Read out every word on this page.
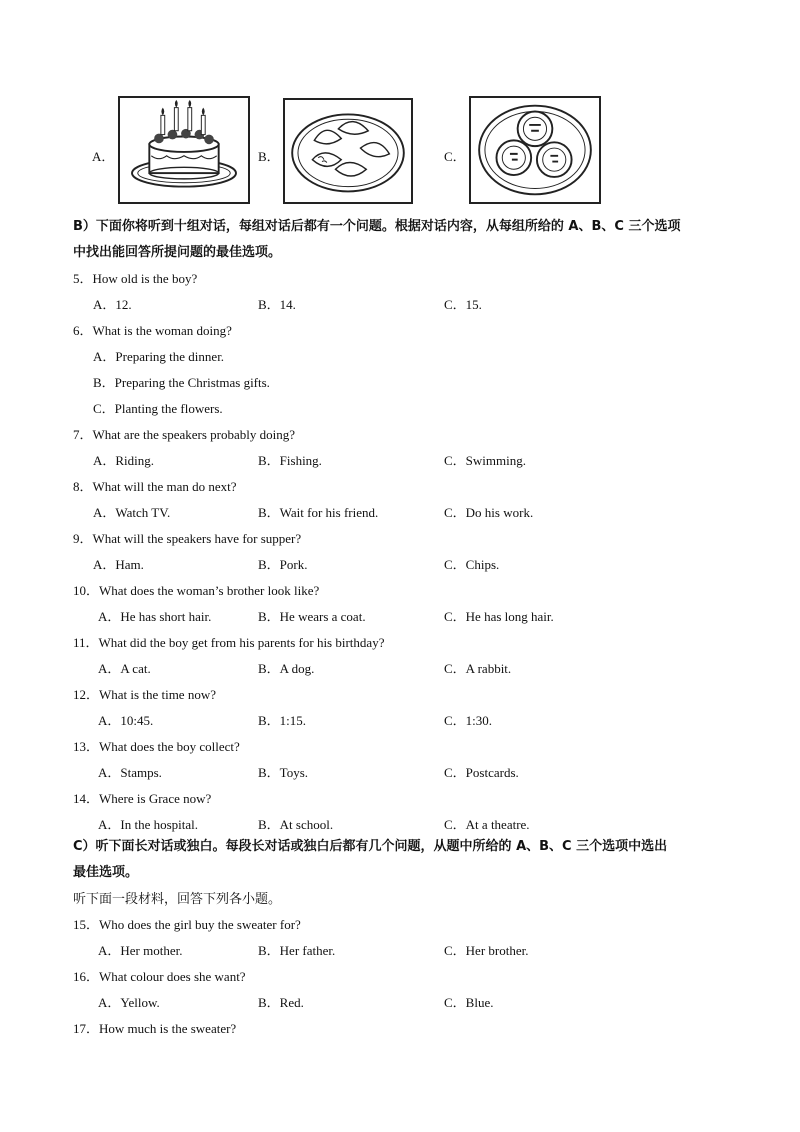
A．	B．	C．
B）下面你将听到十组对话，每组对话后都有一个问题。根据对话内容，从每组所给的 A、B、C 三个选项
中找出能回答所提问题的最佳选项。
5．How old is the boy?
A．12.	B．14.	C．15.
6．What is the woman doing?
A．Preparing the dinner.
B．Preparing the Christmas gifts.
C．Planting the flowers.
7．What are the speakers probably doing?
A．Riding.	B．Fishing.	C．Swimming.
8．What will the man do next?
A．Watch TV.	B．Wait for his friend.	C．Do his work.
9．What will the speakers have for supper?
A．Ham.	B．Pork.	C．Chips.
10．What does the woman’s brother look like?
A．He has short hair.	B．He wears a coat.	C．He has long hair.
11．What did the boy get from his parents for his birthday?
A．A cat.	B．A dog.	C．A rabbit.
12．What is the time now?
A．10:45.	B．1:15.	C．1:30.
13．What does the boy collect?
A．Stamps.	B．Toys.	C．Postcards.
14．Where is Grace now?
A．In the hospital.	B．At school.	C．At a theatre.
C）听下面长对话或独白。每段长对话或独白后都有几个问题，从题中所给的 A、B、C 三个选项中选出
最佳选项。
听下面一段材料，回答下列各小题。
15．Who does the girl buy the sweater for?
A．Her mother.	B．Her father.	C．Her brother.
16．What colour does she want?
A．Yellow.	B．Red.	C．Blue.
17．How much is the sweater?
